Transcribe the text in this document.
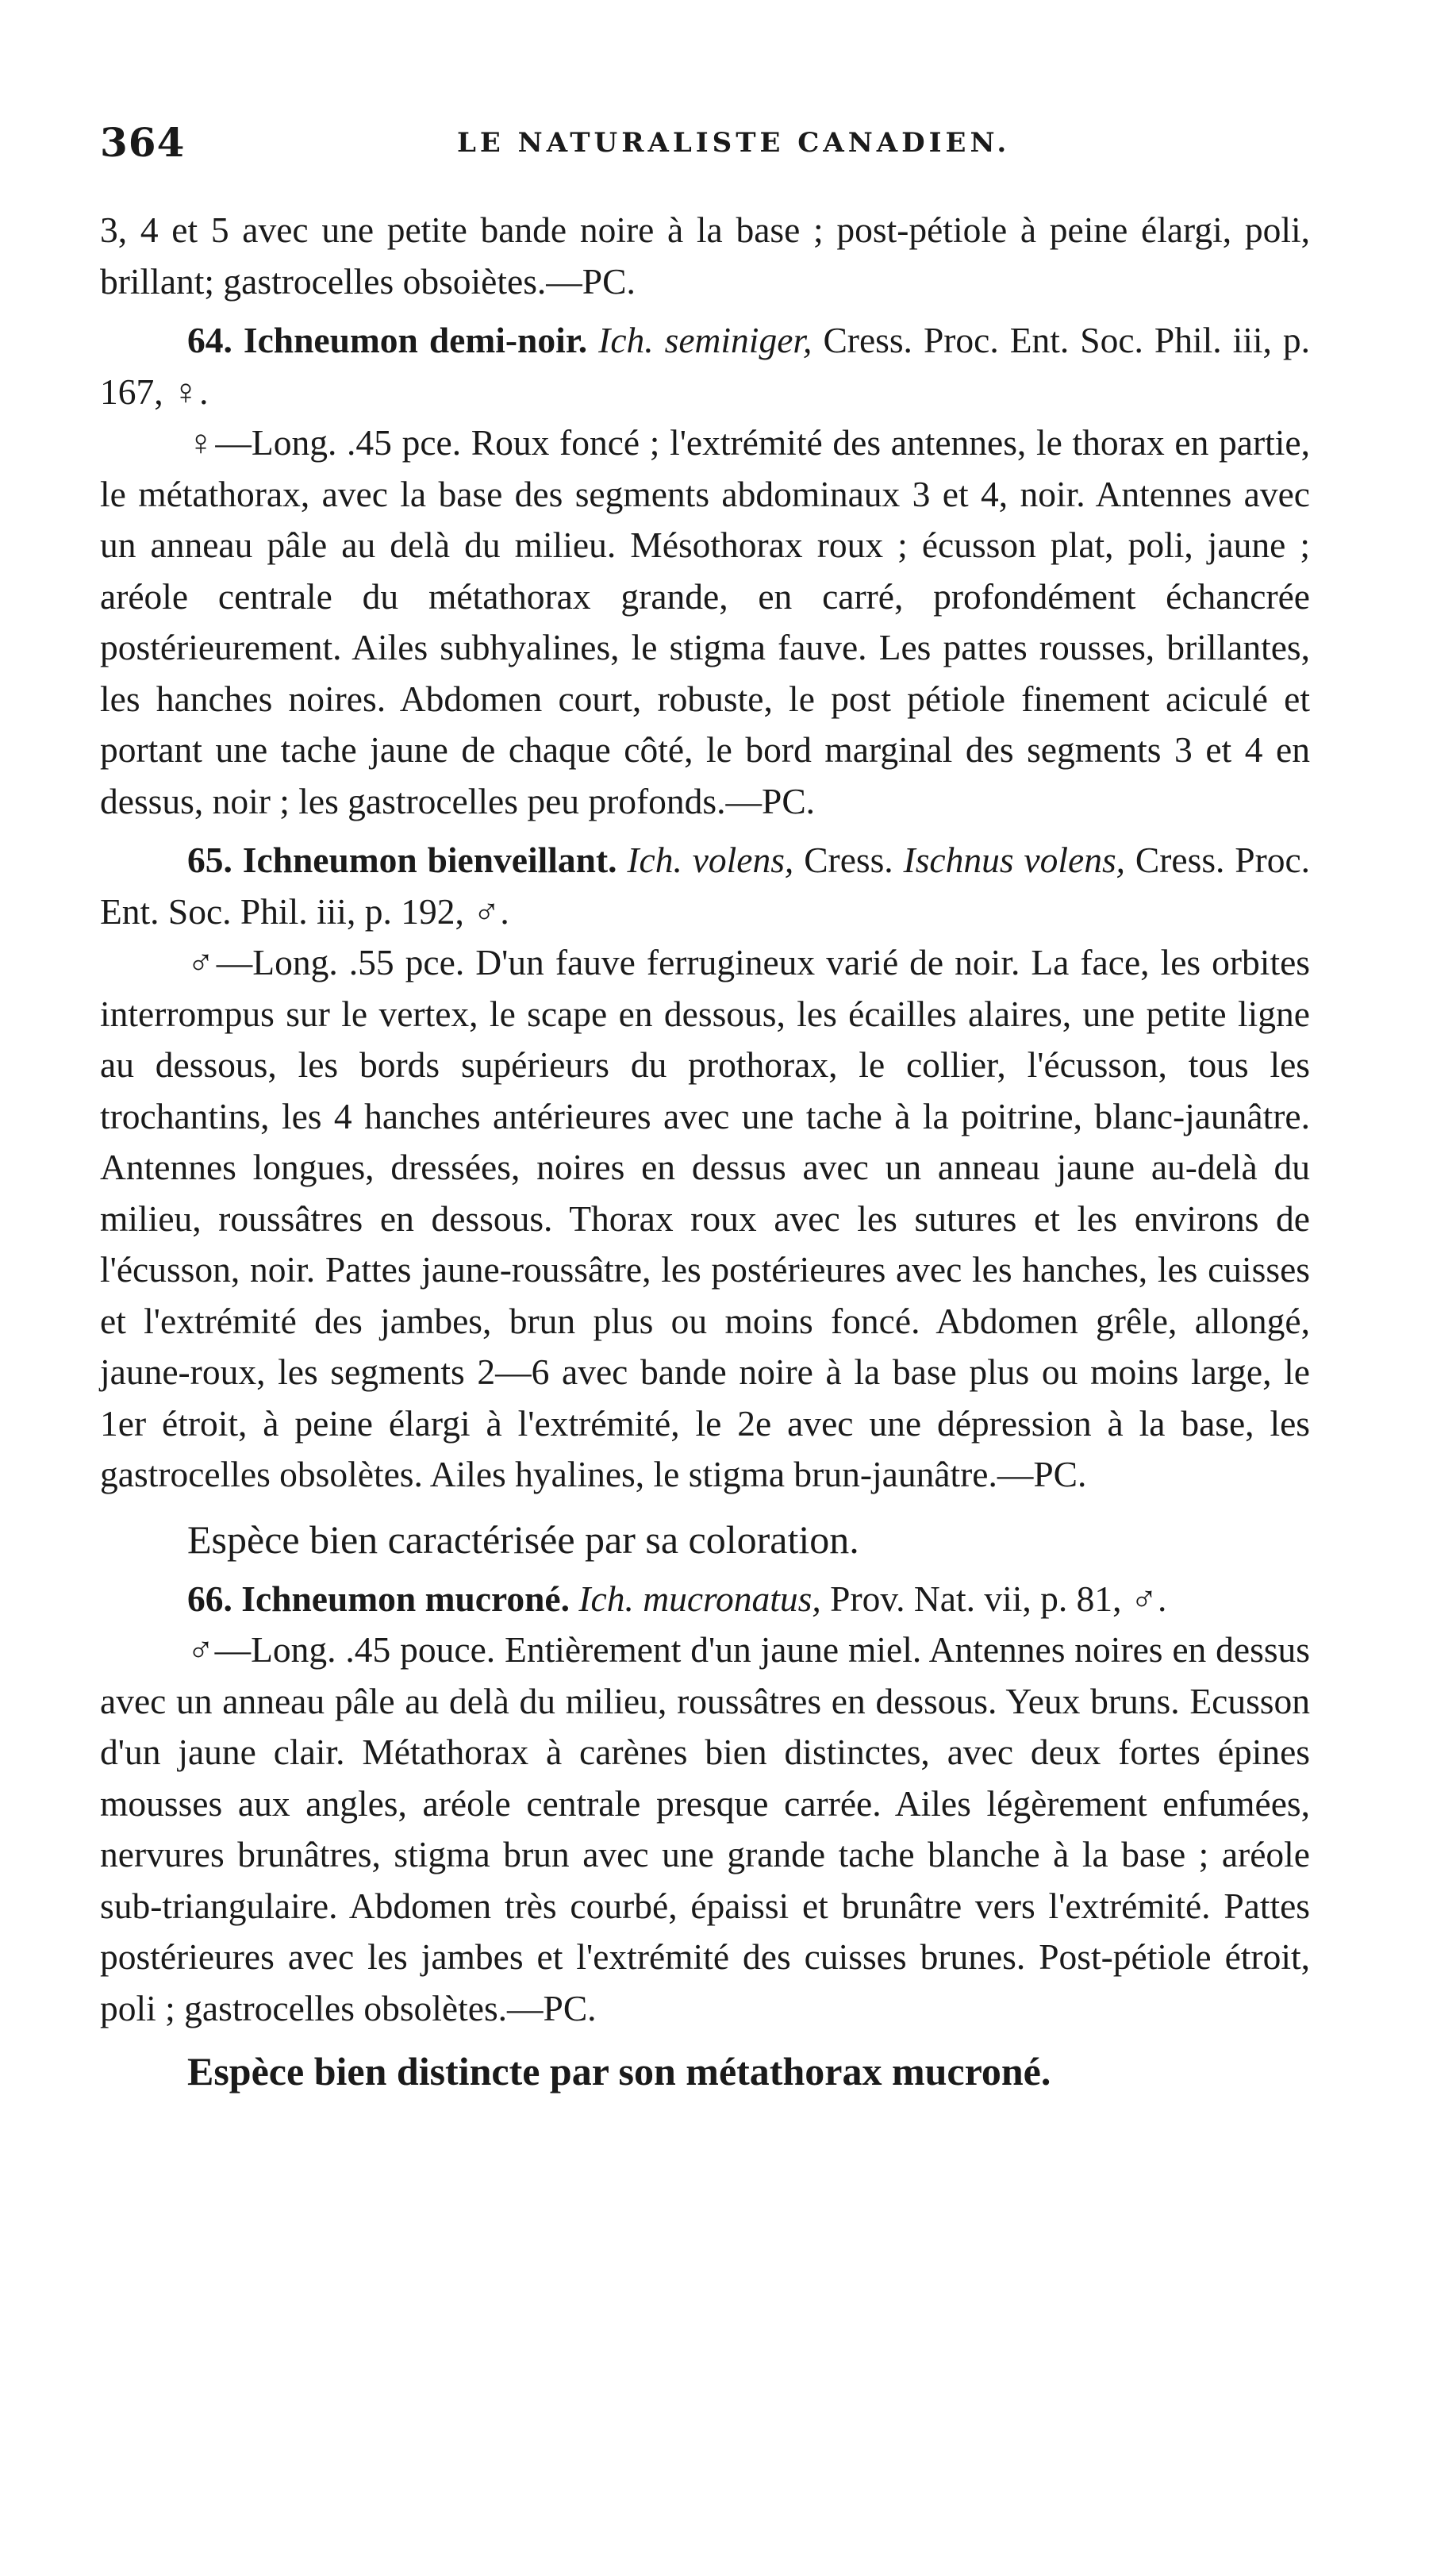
364	LE NATURALISTE CANADIEN.

3, 4 et 5 avec une petite bande noire à la base ; post-pétiole à peine élargi, poli, brillant; gastrocelles obsoiètes.—PC.

64. Ichneumon demi-noir. Ich. seminiger, Cress. Proc. Ent. Soc. Phil. iii, p. 167, ♀.

♀—Long. .45 pce. Roux foncé ; l'extrémité des antennes, le thorax en partie, le métathorax, avec la base des segments abdominaux 3 et 4, noir. Antennes avec un anneau pâle au delà du milieu. Mésothorax roux ; écusson plat, poli, jaune ; aréole centrale du métathorax grande, en carré, profondément échancrée postérieurement. Ailes subhyalines, le stigma fauve. Les pattes rousses, brillantes, les hanches noires. Abdomen court, robuste, le post pétiole finement aciculé et portant une tache jaune de chaque côté, le bord marginal des segments 3 et 4 en dessus, noir ; les gastrocelles peu profonds.—PC.

65. Ichneumon bienveillant. Ich. volens, Cress. Ischnus volens, Cress. Proc. Ent. Soc. Phil. iii, p. 192, ♂.

♂—Long. .55 pce. D'un fauve ferrugineux varié de noir. La face, les orbites interrompus sur le vertex, le scape en dessous, les écailles alaires, une petite ligne au dessous, les bords supérieurs du prothorax, le collier, l'écusson, tous les trochantins, les 4 hanches antérieures avec une tache à la poitrine, blanc-jaunâtre. Antennes longues, dressées, noires en dessus avec un anneau jaune au-delà du milieu, roussâtres en dessous. Thorax roux avec les sutures et les environs de l'écusson, noir. Pattes jaune-roussâtre, les postérieures avec les hanches, les cuisses et l'extrémité des jambes, brun plus ou moins foncé. Abdomen grêle, allongé, jaune-roux, les segments 2—6 avec bande noire à la base plus ou moins large, le 1er étroit, à peine élargi à l'extrémité, le 2e avec une dépression à la base, les gastrocelles obsolètes. Ailes hyalines, le stigma brun-jaunâtre.—PC.

Espèce bien caractérisée par sa coloration.

66. Ichneumon mucroné. Ich. mucronatus, Prov. Nat. vii, p. 81, ♂.

♂—Long. .45 pouce. Entièrement d'un jaune miel. Antennes noires en dessus avec un anneau pâle au delà du milieu, roussâtres en dessous. Yeux bruns. Ecusson d'un jaune clair. Métathorax à carènes bien distinctes, avec deux fortes épines mousses aux angles, aréole centrale presque carrée. Ailes légèrement enfumées, nervures brunâtres, stigma brun avec une grande tache blanche à la base ; aréole sub-triangulaire. Abdomen très courbé, épaissi et brunâtre vers l'extrémité. Pattes postérieures avec les jambes et l'extrémité des cuisses brunes. Post-pétiole étroit, poli ; gastrocelles obsolètes.—PC.

Espèce bien distincte par son métathorax mucroné.
